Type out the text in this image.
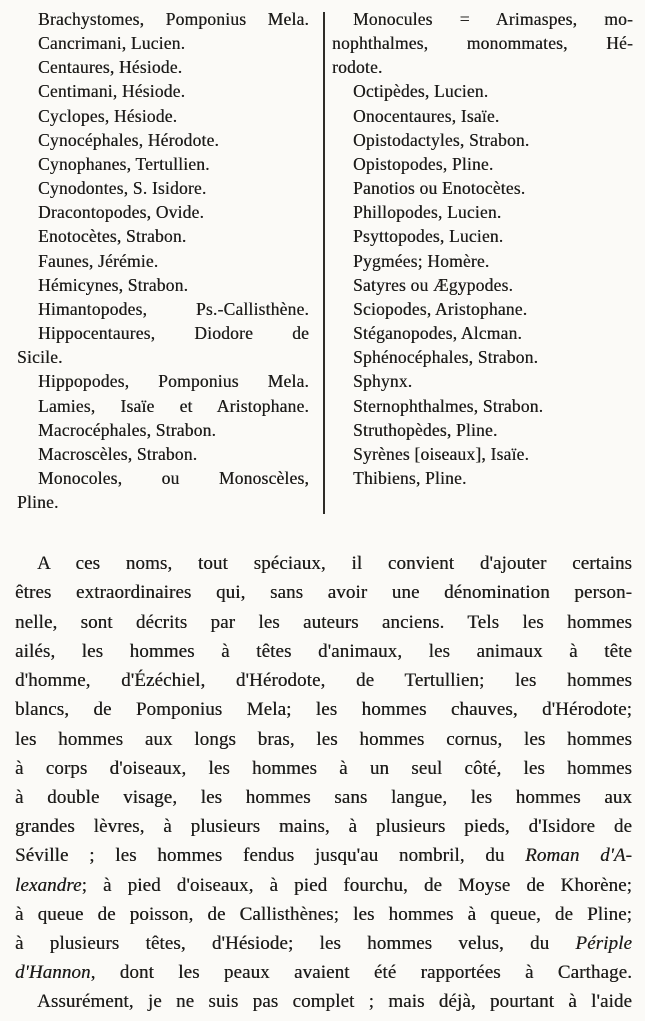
Brachystomes, Pomponius Mela.
Cancrimani, Lucien.
Centaures, Hésiode.
Centimani, Hésiode.
Cyclopes, Hésiode.
Cynocéphales, Hérodote.
Cynophanes, Tertullien.
Cynodontes, S. Isidore.
Dracontopodes, Ovide.
Enotocètes, Strabon.
Faunes, Jérémie.
Hémicynes, Strabon.
Himantopodes, Ps.-Callisthène.
Hippocentaures, Diodore de
Sicile.
Hippopodes, Pomponius Mela.
Lamies, Isaïe et Aristophane.
Macrocéphales, Strabon.
Macroscèles, Strabon.
Monocoles, ou Monoscèles,
Pline.
Monocules = Arimaspes, mo-
nophthalmes, monommates, Hé-
rodote.
Octipèdes, Lucien.
Onocentaures, Isaïe.
Opistodactyles, Strabon.
Opistopodes, Pline.
Panotios ou Enotocètes.
Phillopodes, Lucien.
Psyttopodes, Lucien.
Pygmées; Homère.
Satyres ou Ægypodes.
Sciopodes, Aristophane.
Stéganopodes, Alcman.
Sphénocéphales, Strabon.
Sphynx.
Sternophthalmes, Strabon.
Struthopèdes, Pline.
Syrènes [oiseaux], Isaïe.
Thibiens, Pline.
A ces noms, tout spéciaux, il convient d'ajouter certains
êtres extraordinaires qui, sans avoir une dénomination person-
nelle, sont décrits par les auteurs anciens. Tels les hommes
ailés, les hommes à têtes d'animaux, les animaux à tête
d'homme, d'Ézéchiel, d'Hérodote, de Tertullien; les hommes
blancs, de Pomponius Mela; les hommes chauves, d'Hérodote;
les hommes aux longs bras, les hommes cornus, les hommes
à corps d'oiseaux, les hommes à un seul côté, les hommes
à double visage, les hommes sans langue, les hommes aux
grandes lèvres, à plusieurs mains, à plusieurs pieds, d'Isidore de
Séville ; les hommes fendus jusqu'au nombril, du Roman d'A-
lexandre; à pied d'oiseaux, à pied fourchu, de Moyse de Khorène;
à queue de poisson, de Callisthènes; les hommes à queue, de Pline;
à plusieurs têtes, d'Hésiode; les hommes velus, du Périple
d'Hannon, dont les peaux avaient été rapportées à Carthage.
Assurément, je ne suis pas complet ; mais déjà, pourtant à l'aide
